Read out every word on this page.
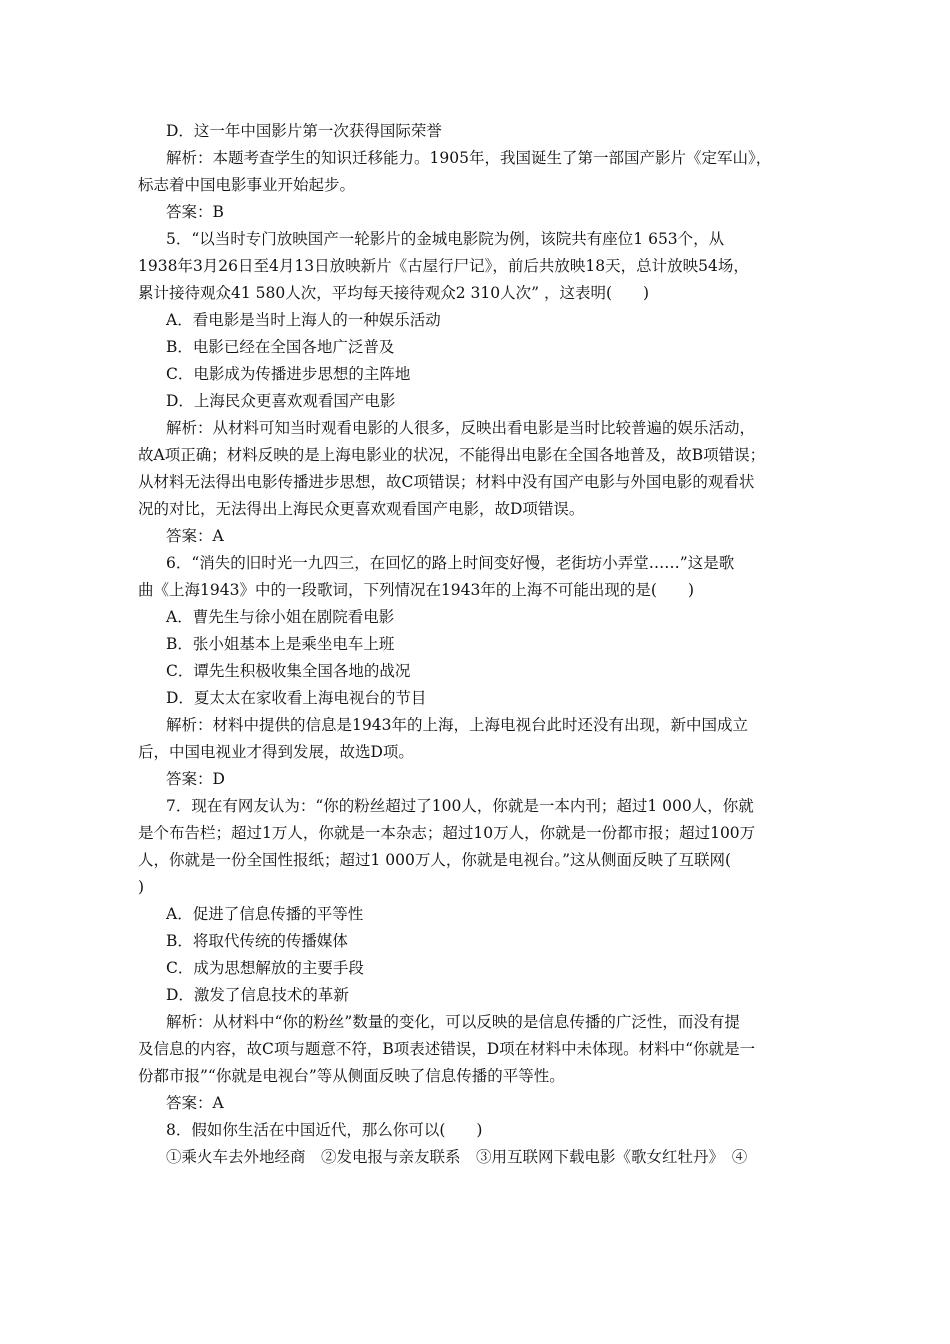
D．这一年中国影片第一次获得国际荣誉

解析：本题考查学生的知识迁移能力。1905年，我国诞生了第一部国产影片《定军山》，

标志着中国电影事业开始起步。

答案：B

5．“以当时专门放映国产一轮影片的金城电影院为例，该院共有座位1 653个，从

1938年3月26日至4月13日放映新片《古屋行尸记》，前后共放映18天，总计放映54场，

累计接待观众41 580人次，平均每天接待观众2 310人次” ，这表明(　　)

A．看电影是当时上海人的一种娱乐活动

B．电影已经在全国各地广泛普及

C．电影成为传播进步思想的主阵地

D．上海民众更喜欢观看国产电影

解析：从材料可知当时观看电影的人很多，反映出看电影是当时比较普遍的娱乐活动，

故A项正确；材料反映的是上海电影业的状况，不能得出电影在全国各地普及，故B项错误；

从材料无法得出电影传播进步思想，故C项错误；材料中没有国产电影与外国电影的观看状

况的对比，无法得出上海民众更喜欢观看国产电影，故D项错误。

答案：A

6．“消失的旧时光一九四三，在回忆的路上时间变好慢，老街坊小弄堂……”这是歌

曲《上海1943》中的一段歌词，下列情况在1943年的上海不可能出现的是(　　)

A．曹先生与徐小姐在剧院看电影

B．张小姐基本上是乘坐电车上班

C．谭先生积极收集全国各地的战况

D．夏太太在家收看上海电视台的节目

解析：材料中提供的信息是1943年的上海，上海电视台此时还没有出现，新中国成立

后，中国电视业才得到发展，故选D项。

答案：D

7．现在有网友认为：“你的粉丝超过了100人，你就是一本内刊；超过1 000人，你就

是个布告栏；超过1万人，你就是一本杂志；超过10万人，你就是一份都市报；超过100万

人，你就是一份全国性报纸；超过1 000万人，你就是电视台。”这从侧面反映了互联网(

)

A．促进了信息传播的平等性

B．将取代传统的传播媒体

C．成为思想解放的主要手段

D．激发了信息技术的革新

解析：从材料中“你的粉丝”数量的变化，可以反映的是信息传播的广泛性，而没有提

及信息的内容，故C项与题意不符，B项表述错误，D项在材料中未体现。材料中“你就是一

份都市报”“你就是电视台”等从侧面反映了信息传播的平等性。

答案：A

8．假如你生活在中国近代，那么你可以(　　)

①乘火车去外地经商　②发电报与亲友联系　③用互联网下载电影《歌女红牡丹》　④
